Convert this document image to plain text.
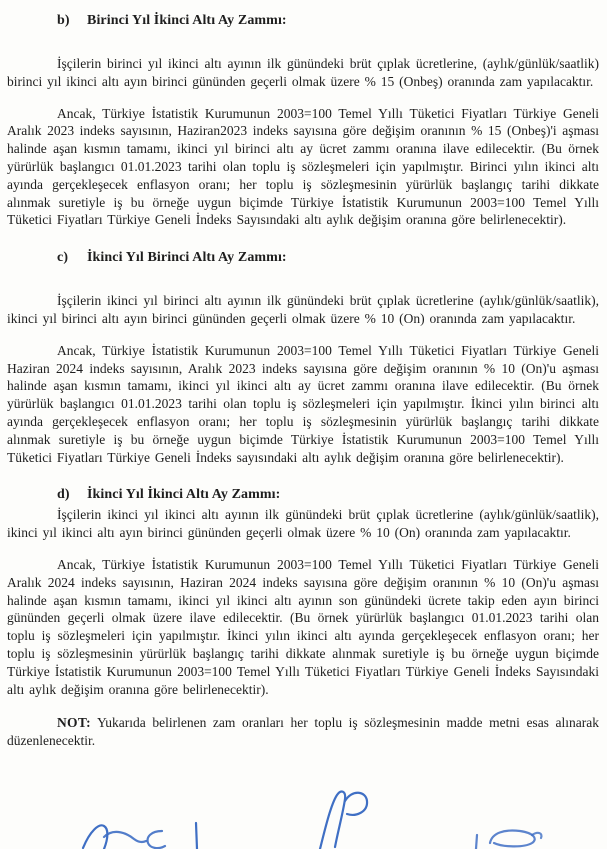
b) Birinci Yıl İkinci Altı Ay Zammı:

İşçilerin birinci yıl ikinci altı ayının ilk günündeki brüt çıplak ücretlerine, (aylık/günlük/saatlik) birinci yıl ikinci altı ayın birinci gününden geçerli olmak üzere % 15 (Onbeş) oranında zam yapılacaktır.

Ancak, Türkiye İstatistik Kurumunun 2003=100 Temel Yıllı Tüketici Fiyatları Türkiye Geneli Aralık 2023 indeks sayısının, Haziran2023 indeks sayısına göre değişim oranının % 15 (Onbeş)'i aşması halinde aşan kısmın tamamı, ikinci yıl birinci altı ay ücret zammı oranına ilave edilecektir. (Bu örnek yürürlük başlangıcı 01.01.2023 tarihi olan toplu iş sözleşmeleri için yapılmıştır. Birinci yılın ikinci altı ayında gerçekleşecek enflasyon oranı; her toplu iş sözleşmesinin yürürlük başlangıç tarihi dikkate alınmak suretiyle iş bu örneğe uygun biçimde Türkiye İstatistik Kurumunun 2003=100 Temel Yıllı Tüketici Fiyatları Türkiye Geneli İndeks Sayısındaki altı aylık değişim oranına göre belirlenecektir).

c) İkinci Yıl Birinci Altı Ay Zammı:

İşçilerin ikinci yıl birinci altı ayının ilk günündeki brüt çıplak ücretlerine (aylık/günlük/saatlik), ikinci yıl birinci altı ayın birinci gününden geçerli olmak üzere % 10 (On) oranında zam yapılacaktır.

Ancak, Türkiye İstatistik Kurumunun 2003=100 Temel Yıllı Tüketici Fiyatları Türkiye Geneli Haziran 2024 indeks sayısının, Aralık 2023 indeks sayısına göre değişim oranının % 10 (On)'u aşması halinde aşan kısmın tamamı, ikinci yıl ikinci altı ay ücret zammı oranına ilave edilecektir. (Bu örnek yürürlük başlangıcı 01.01.2023 tarihi olan toplu iş sözleşmeleri için yapılmıştır. İkinci yılın birinci altı ayında gerçekleşecek enflasyon oranı; her toplu iş sözleşmesinin yürürlük başlangıç tarihi dikkate alınmak suretiyle iş bu örneğe uygun biçimde Türkiye İstatistik Kurumunun 2003=100 Temel Yıllı Tüketici Fiyatları Türkiye Geneli İndeks sayısındaki altı aylık değişim oranına göre belirlenecektir).

d) İkinci Yıl İkinci Altı Ay Zammı:

İşçilerin ikinci yıl ikinci altı ayının ilk günündeki brüt çıplak ücretlerine (aylık/günlük/saatlik), ikinci yıl ikinci altı ayın birinci gününden geçerli olmak üzere % 10 (On) oranında zam yapılacaktır.

Ancak, Türkiye İstatistik Kurumunun 2003=100 Temel Yıllı Tüketici Fiyatları Türkiye Geneli Aralık 2024 indeks sayısının, Haziran 2024 indeks sayısına göre değişim oranının % 10 (On)'u aşması halinde aşan kısmın tamamı, ikinci yıl ikinci altı ayının son günündeki ücrete takip eden ayın birinci gününden geçerli olmak üzere ilave edilecektir. (Bu örnek yürürlük başlangıcı 01.01.2023 tarihi olan toplu iş sözleşmeleri için yapılmıştır. İkinci yılın ikinci altı ayında gerçekleşecek enflasyon oranı; her toplu iş sözleşmesinin yürürlük başlangıç tarihi dikkate alınmak suretiyle iş bu örneğe uygun biçimde Türkiye İstatistik Kurumunun 2003=100 Temel Yıllı Tüketici Fiyatları Türkiye Geneli İndeks Sayısındaki altı aylık değişim oranına göre belirlenecektir).

NOT: Yukarıda belirlenen zam oranları her toplu iş sözleşmesinin madde metni esas alınarak düzenlenecektir.
